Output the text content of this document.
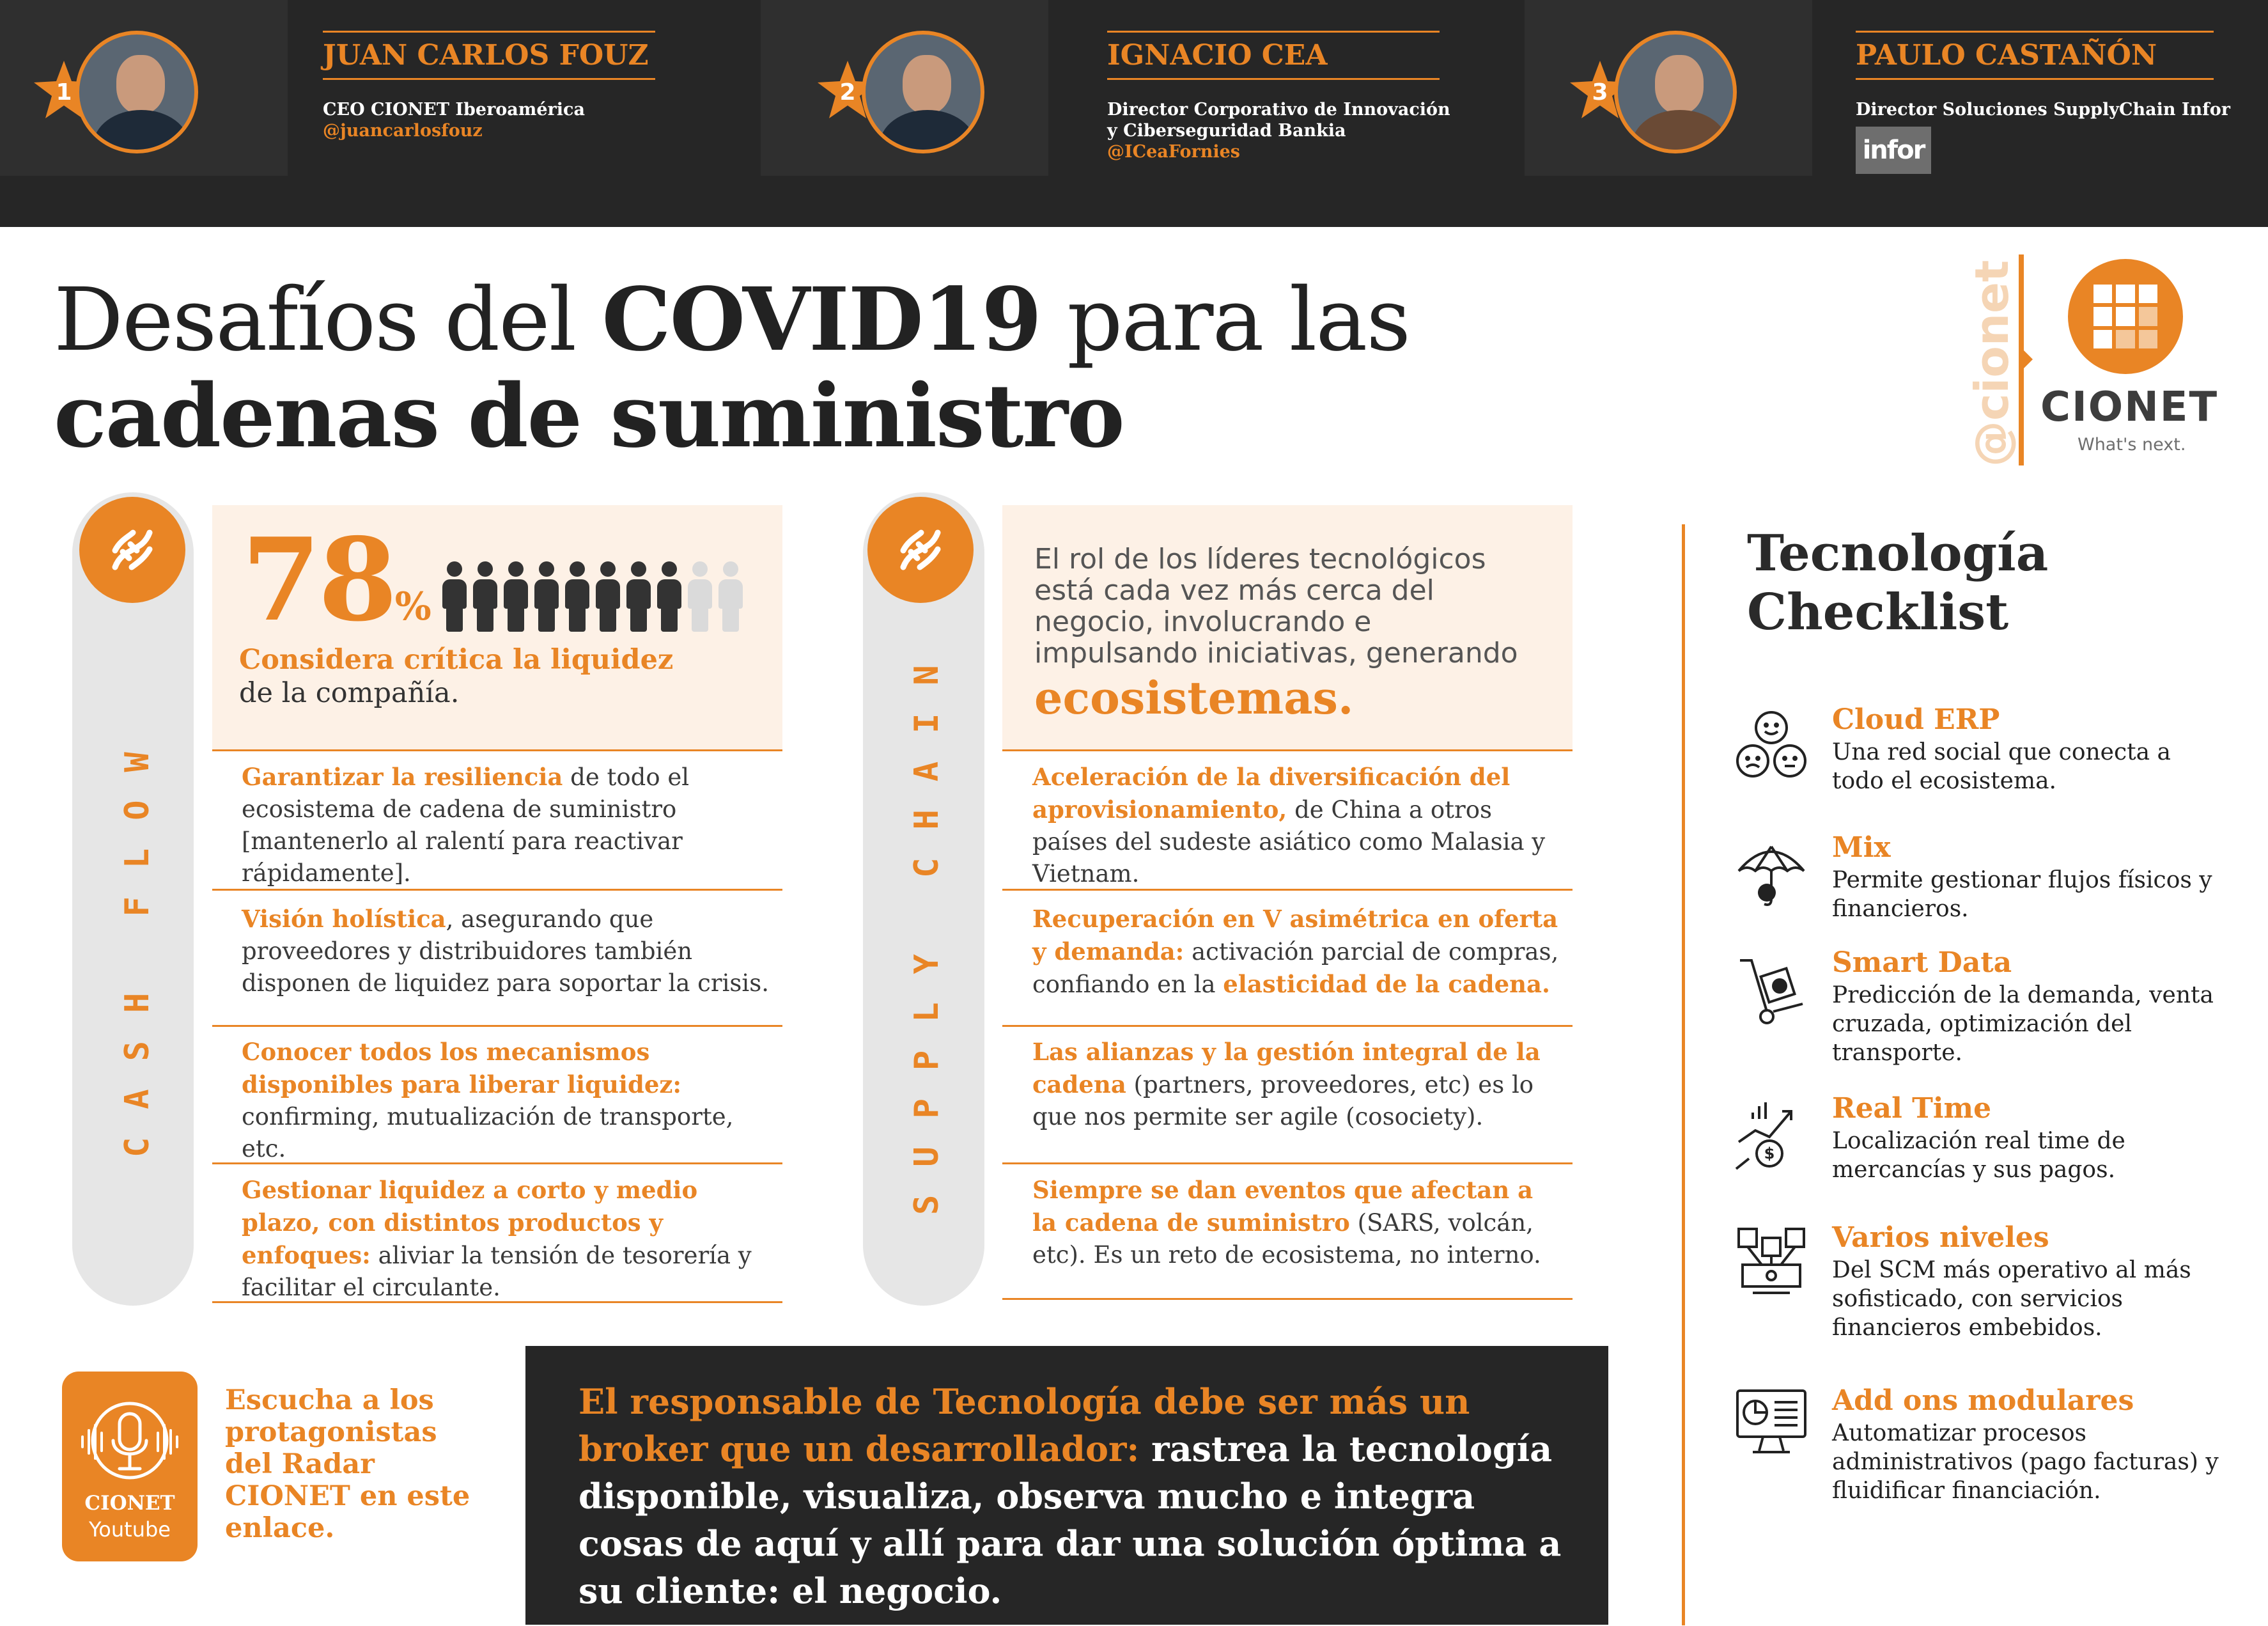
1
JUAN CARLOS FOUZ
CEO CIONET Iberoamérica
@juancarlosfouz
2
IGNACIO CEA
Director Corporativo de Innovación y Ciberseguridad Bankia
@ICeaFornies
3
PAULO CASTAÑÓN
Director Soluciones SupplyChain Infor
infor
Desafíos del COVID19 para las
cadenas de suministro	@cionet CIONET
What's next.
CASH FLOW
78%
Considera crítica la liquidez
de la compañía.
Garantizar la resiliencia de todo el ecosistema de cadena de suministro [mantenerlo al ralentí para reactivar rápidamente].
Visión holística, asegurando que proveedores y distribuidores también disponen de liquidez para soportar la crisis.
Conocer todos los mecanismos disponibles para liberar liquidez: confirming, mutualización de transporte, etc.
Gestionar liquidez a corto y medio plazo, con distintos productos y enfoques: aliviar la tensión de tesorería y facilitar el circulante.
SUPPLY CHAIN
El rol de los líderes tecnológicos está cada vez más cerca del negocio, involucrando e impulsando iniciativas, generando
ecosistemas.
Aceleración de la diversificación del aprovisionamiento, de China a otros países del sudeste asiático como Malasia y Vietnam.
Recuperación en V asimétrica en oferta y demanda: activación parcial de compras, confiando en la elasticidad de la cadena.
Las alianzas y la gestión integral de la cadena (partners, proveedores, etc) es lo que nos permite ser agile (cosociety).
Siempre se dan eventos que afectan a la cadena de suministro (SARS, volcán, etc). Es un reto de ecosistema, no interno.
CIONET
Youtube
Escucha a los protagonistas del Radar CIONET en este enlace.
El responsable de Tecnología debe ser más un broker que un desarrollador: rastrea la tecnología disponible, visualiza, observa mucho e integra cosas de aquí y allí para dar una solución óptima a su cliente: el negocio.
Tecnología Checklist
$
Cloud ERP
Una red social que conecta a todo el ecosistema.
Mix
Permite gestionar flujos físicos y financieros.
Smart Data
Predicción de la demanda, venta cruzada, optimización del transporte.
Real Time
Localización real time de mercancías y sus pagos.
Varios niveles
Del SCM más operativo al más sofisticado, con servicios financieros embebidos.
Add ons modulares
Automatizar procesos administrativos (pago facturas) y fluidificar financiación.
